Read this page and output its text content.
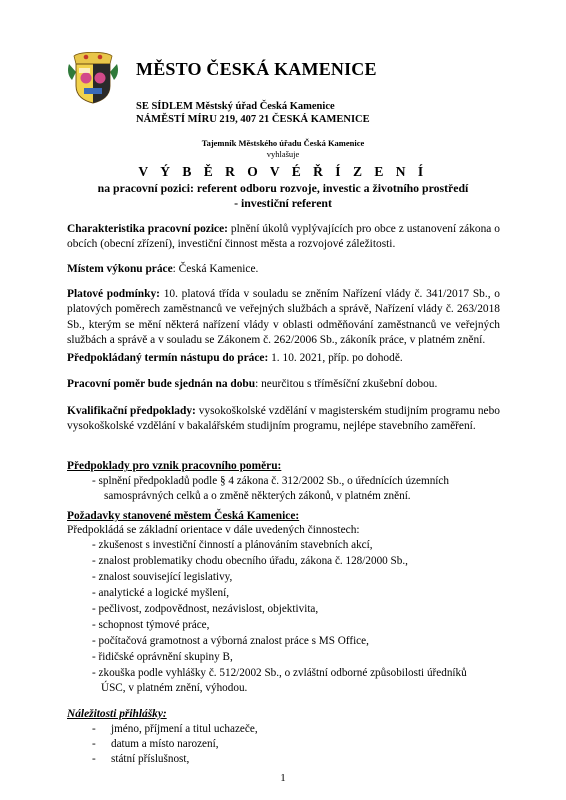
MĚSTO ČESKÁ KAMENICE
SE SÍDLEM Městský úřad Česká Kamenice
NÁMĚSTÍ MÍRU 219, 407 21 ČESKÁ KAMENICE
Tajemník Městského úřadu Česká Kamenice
vyhlašuje
V Ý B Ě R O V É Ř Í Z E N Í
na pracovní pozici: referent odboru rozvoje, investic a životního prostředí
- investiční referent
Charakteristika pracovní pozice: plnění úkolů vyplývajících pro obce z ustanovení zákona o obcích (obecní zřízení), investiční činnost města a rozvojové záležitosti.
Místem výkonu práce: Česká Kamenice.
Platové podmínky: 10. platová třída v souladu se zněním Nařízení vlády č. 341/2017 Sb., o platových poměrech zaměstnanců ve veřejných službách a správě, Nařízení vlády č. 263/2018 Sb., kterým se mění některá nařízení vlády v oblasti odměňování zaměstnanců ve veřejných službách a správě a v souladu se Zákonem č. 262/2006 Sb., zákoník práce, v platném znění.
Předpokládaný termín nástupu do práce: 1. 10. 2021, příp. po dohodě.
Pracovní poměr bude sjednán na dobu: neurčitou s tříměsíční zkušební dobou.
Kvalifikační předpoklady: vysokoškolské vzdělání v magisterském studijním programu nebo vysokoškolské vzdělání v bakalářském studijním programu, nejlépe stavebního zaměření.
Předpoklady pro vznik pracovního poměru:
- splnění předpokladů podle § 4 zákona č. 312/2002 Sb., o úřednících územních
samosprávných celků a o změně některých zákonů, v platném znění.
Požadavky stanovené městem Česká Kamenice:
Předpokládá se základní orientace v dále uvedených činnostech:
- zkušenost s investiční činností a plánováním stavebních akcí,
- znalost problematiky chodu obecního úřadu, zákona č. 128/2000 Sb.,
- znalost související legislativy,
- analytické a logické myšlení,
- pečlivost, zodpovědnost, nezávislost, objektivita,
- schopnost týmové práce,
- počítačová gramotnost a výborná znalost práce s MS Office,
- řidičské oprávnění skupiny B,
- zkouška podle vyhlášky č. 512/2002 Sb., o zvláštní odborné způsobilosti úředníků
ÚSC, v platném znění, výhodou.
Náležitosti přihlášky:
- jméno, příjmení a titul uchazeče,
- datum a místo narození,
- státní příslušnost,
1
